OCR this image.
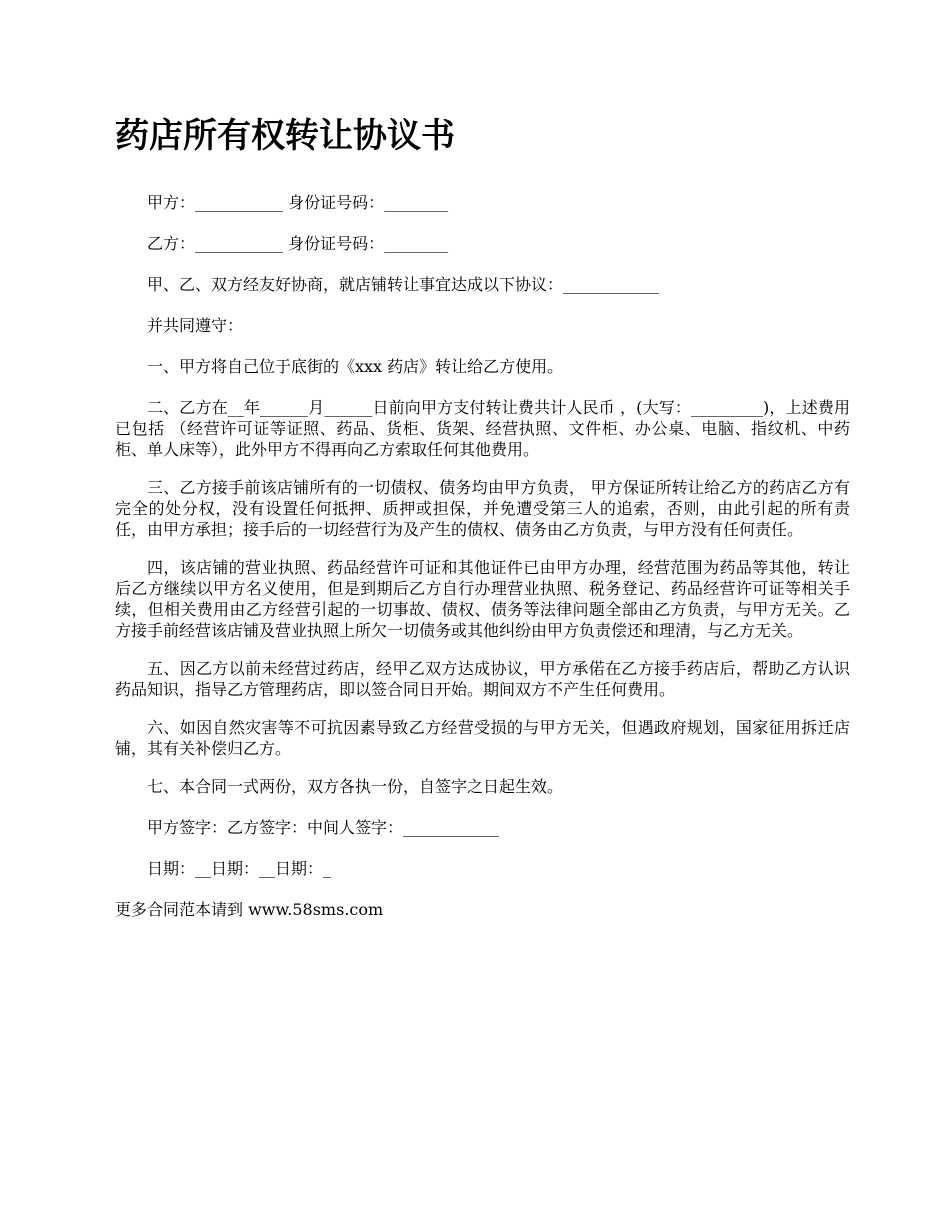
药店所有权转让协议书

甲方：___________ 身份证号码：________

乙方：___________ 身份证号码：________

甲、乙、双方经友好协商，就店铺转让事宜达成以下协议：____________

并共同遵守：

一、甲方将自己位于底街的《xxx 药店》转让给乙方使用。

二、乙方在__年______月______日前向甲方支付转让费共计人民币 ，(大写：_________)，上述费用已包括 （经营许可证等证照、药品、货柜、货架、经营执照、文件柜、办公桌、电脑、指纹机、中药柜、单人床等），此外甲方不得再向乙方索取任何其他费用。

三、乙方接手前该店铺所有的一切债权、债务均由甲方负责， 甲方保证所转让给乙方的药店乙方有完全的处分权，没有设置任何抵押、质押或担保，并免遭受第三人的追索，否则，由此引起的所有责任，由甲方承担；接手后的一切经营行为及产生的债权、债务由乙方负责，与甲方没有任何责任。

四，该店铺的营业执照、药品经营许可证和其他证件已由甲方办理，经营范围为药品等其他，转让后乙方继续以甲方名义使用，但是到期后乙方自行办理营业执照、税务登记、药品经营许可证等相关手续，但相关费用由乙方经营引起的一切事故、债权、债务等法律问题全部由乙方负责，与甲方无关。乙方接手前经营该店铺及营业执照上所欠一切债务或其他纠纷由甲方负责偿还和理清，与乙方无关。

五、因乙方以前未经营过药店，经甲乙双方达成协议，甲方承偌在乙方接手药店后，帮助乙方认识药品知识，指导乙方管理药店，即以签合同日开始。期间双方不产生任何费用。

六、如因自然灾害等不可抗因素导致乙方经营受损的与甲方无关，但遇政府规划，国家征用拆迁店铺，其有关补偿归乙方。

七、本合同一式两份，双方各执一份，自签字之日起生效。

甲方签字：乙方签字：中间人签字：____________

日期：__日期：__日期：_

更多合同范本请到 www.58sms.com
